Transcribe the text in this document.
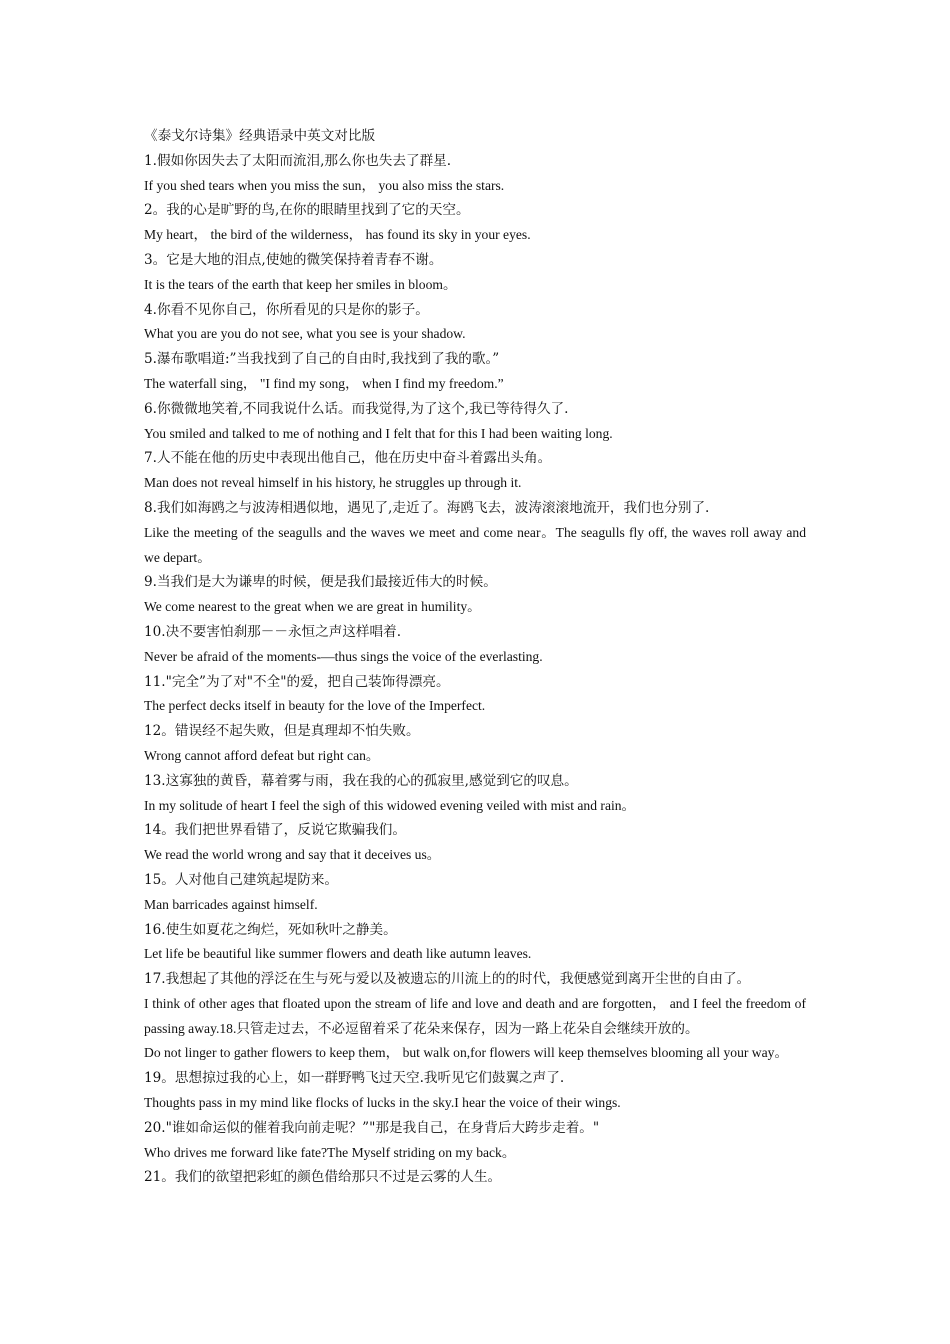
《泰戈尔诗集》经典语录中英文对比版

1.假如你因失去了太阳而流泪,那么你也失去了群星.

If you shed tears when you miss the sun， you also miss the stars.

2。我的心是旷野的鸟,在你的眼睛里找到了它的天空。

My heart， the bird of the wilderness， has found its sky in your eyes.

3。它是大地的泪点,使她的微笑保持着青春不谢。

It is the tears of the earth that keep her smiles in bloom。

4.你看不见你自己，你所看见的只是你的影子。

What you are you do not see, what you see is your shadow.

5.瀑布歌唱道:”当我找到了自己的自由时,我找到了我的歌。”

The waterfall sing， "I find my song， when I find my freedom.”

6.你微微地笑着,不同我说什么话。而我觉得,为了这个,我已等待得久了.

You smiled and talked to me of nothing and I felt that for this I had been waiting long.

7.人不能在他的历史中表现出他自己，他在历史中奋斗着露出头角。

Man does not reveal himself in his history, he struggles up through it.

8.我们如海鸥之与波涛相遇似地，遇见了,走近了。海鸥飞去，波涛滚滚地流开，我们也分别了.

Like the meeting of the seagulls and the waves we meet and come near。The seagulls fly off, the waves roll away and we depart。

9.当我们是大为谦卑的时候，便是我们最接近伟大的时候。

We come nearest to the great when we are great in humility。

10.决不要害怕刹那－－永恒之声这样唱着.

Never be afraid of the moments-—thus sings the voice of the everlasting.

11."完全”为了对"不全"的爱，把自己装饰得漂亮。

The perfect decks itself in beauty for the love of the Imperfect.

12。错误经不起失败，但是真理却不怕失败。

Wrong cannot afford defeat but right can。

13.这寡独的黄昏，幕着雾与雨，我在我的心的孤寂里,感觉到它的叹息。

In my solitude of heart I feel the sigh of this widowed evening veiled with mist and rain。

14。我们把世界看错了，反说它欺骗我们。

We read the world wrong and say that it deceives us。

15。人对他自己建筑起堤防来。

Man barricades against himself.

16.使生如夏花之绚烂，死如秋叶之静美。

Let life be beautiful like summer flowers and death like autumn leaves.

17.我想起了其他的浮泛在生与死与爱以及被遗忘的川流上的的时代，我便感觉到离开尘世的自由了。

I think of other ages that floated upon the stream of life and love and death and are forgotten， and I feel the freedom of passing away.18.只管走过去，不必逗留着采了花朵来保存，因为一路上花朵自会继续开放的。

Do not linger to gather flowers to keep them， but walk on,for flowers will keep themselves blooming all your way。

19。思想掠过我的心上，如一群野鸭飞过天空.我听见它们鼓翼之声了.

Thoughts pass in my mind like flocks of lucks in the sky.I hear the voice of their wings.

20."谁如命运似的催着我向前走呢？”"那是我自己，在身背后大跨步走着。"

Who drives me forward like fate?The Myself striding on my back。

21。我们的欲望把彩虹的颜色借给那只不过是云雾的人生。
